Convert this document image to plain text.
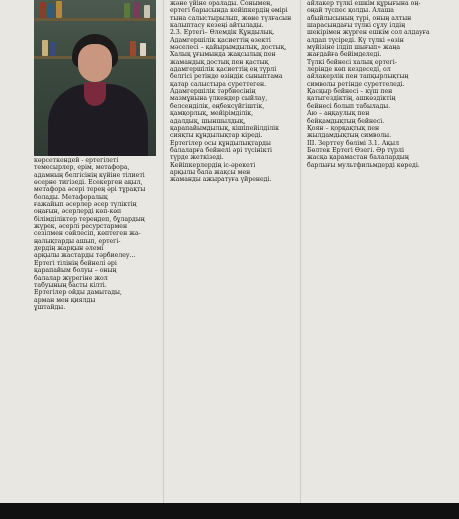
көрсеткендей - ертегілеті
темесырлер, ерім, метафора,
адамның белгісінің күйіне тілиеті
өсерне тигізеді. Есекерген ақыл,
метафора әсері терең әрі тұрақты
болады. Метафоралық
ғажайып әсерлер әсер түліктің
оңағын, әсерлерді көп-көп
білімділіктер тереңдеп, бұлардың
жүрек, әсерлі ресурстармен
сезілмен сөйлесіп, көптеген жа-
ңалықтарды ашып, ертегі-
дердің жарқын әлемі
арқылы жастарды тәрбиелеу...
Ертегі тілінің бейнелі әрі
қарапайым болуы – оның
балалар жүрегіне жол
табуының басты кілті.
Ертегілер ойды дамытады,
арман мен қиялды
ұштайды.

және үйіне оралады. Сонымен,
ертегі барысында кейіпкердің өмірі
тына салыстырылып, жөне түлғасын
калыптасу кезеңі айтылады.
2.3. Ертегі– Өлемдік Құндылық.
Адамгершілік қасиеттің өзекті
мәселесі – қайырымдылық, достық,
Халық ұғымында жақсылық пен
жамандық достық пен қастық
адамгершілік қасиеттің ең түрлі
белгісі ретінде өзіндік сыныптама
қатар салыстыра суреттеген.
Адамгершілік тәрбиесінің
мазмұнына үлкендер сыйлау,
белсенділік, еңбексүйгіштік,
қамқорлық, мейірімділік,
адалдық, шыншылдық,
қарапайымдылық, кішіпейілділік
сияқты құндылықтар кіреді.
Ертегілер осы құндылықтарды
балаларға бейнелі әрі түсінікті
түрде жеткізеді.
Кейіпкерлердің іс-әрекеті
арқылы бала жақсы мен
жаманды ажыратуға үйренеді.

айлакер түлкі ешкім құрығына оң-
оңай түспес қолды. Алаша
абыйлысының түрі, оның алтын
шарасындағы түлкі сұлу ілдің
шекірімен жүрген ешкім сол алдауға
алдап түсіреді. Кү түлкі «өзін
мүйізіне ілдіп шығып» жаңа
жағдайға бейімделеді.
Түлкі бейнесі халық ертегі-
лерінде көп кездеседі, ол
айлакерлік пен тапқырлықтың
символы ретінде суреттеледі.
Қасқыр бейнесі – күш пен
қатыгездіктің, ашкөздіктің
бейнесі болып табылады.
Аю – аңқаулық пен
бейқамдықтың бейнесі.
Қоян – қорқақтық пен
жылдамдықтың символы.
ІІІ. Зерттеу бөлімі 3.1. Ақыл
Бөлтек Ертегі Өзегі. Әр түрлі
жасқа қарамастан балалардың
барлығы мультфильмдерді көреді.
